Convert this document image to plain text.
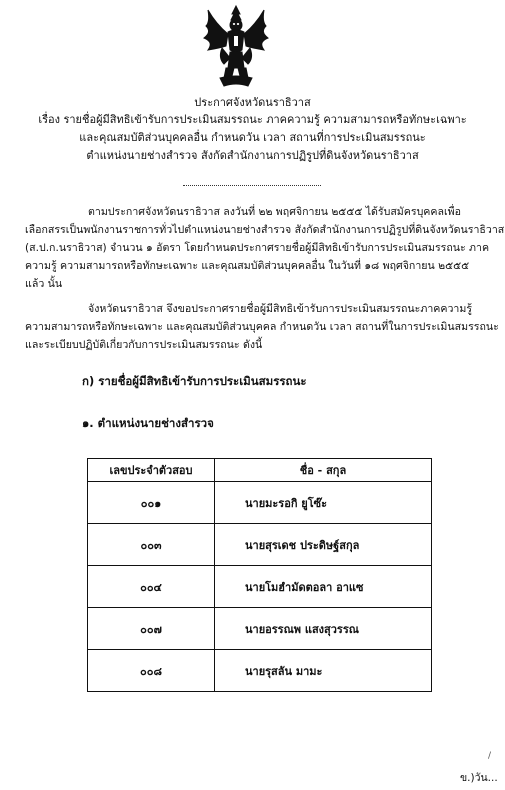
ประกาศจังหวัดนราธิวาส
เรื่อง รายชื่อผู้มีสิทธิเข้ารับการประเมินสมรรถนะ ภาคความรู้ ความสามารถหรือทักษะเฉพาะ
และคุณสมบัติส่วนบุคคลอื่น กำหนดวัน เวลา สถานที่การประเมินสมรรถนะ
ตำแหน่งนายช่างสำรวจ สังกัดสำนักงานการปฏิรูปที่ดินจังหวัดนราธิวาส
ตามประกาศจังหวัดนราธิวาส ลงวันที่ ๒๒ พฤศจิกายน ๒๕๕๕ ได้รับสมัครบุคคลเพื่อ
เลือกสรรเป็นพนักงานราชการทั่วไปตำแหน่งนายช่างสำรวจ สังกัดสำนักงานการปฏิรูปที่ดินจังหวัดนราธิวาส
(ส.ป.ก.นราธิวาส) จำนวน ๑ อัตรา โดยกำหนดประกาศรายชื่อผู้มีสิทธิเข้ารับการประเมินสมรรถนะ ภาค
ความรู้ ความสามารถหรือทักษะเฉพาะ และคุณสมบัติส่วนบุคคลอื่น ในวันที่ ๑๘ พฤศจิกายน ๒๕๕๕
แล้ว นั้น
จังหวัดนราธิวาส จึงขอประกาศรายชื่อผู้มีสิทธิเข้ารับการประเมินสมรรถนะภาคความรู้
ความสามารถหรือทักษะเฉพาะ และคุณสมบัติส่วนบุคคล กำหนดวัน เวลา สถานที่ในการประเมินสมรรถนะ
และระเบียบปฏิบัติเกี่ยวกับการประเมินสมรรถนะ ดังนี้
ก) รายชื่อผู้มีสิทธิเข้ารับการประเมินสมรรถนะ
๑. ตำแหน่งนายช่างสำรวจ
เลขประจำตัวสอบ	ชื่อ - สกุล
๐๐๑	นายมะรอกิ ยูโซ๊ะ
๐๐๓	นายสุรเดช ประดิษฐ์สกุล
๐๐๔	นายโมฮำมัดตอลา อาแซ
๐๐๗	นายอรรณพ แสงสุวรรณ
๐๐๘	นายรุสลัน มามะ
/
ข.)วัน...
